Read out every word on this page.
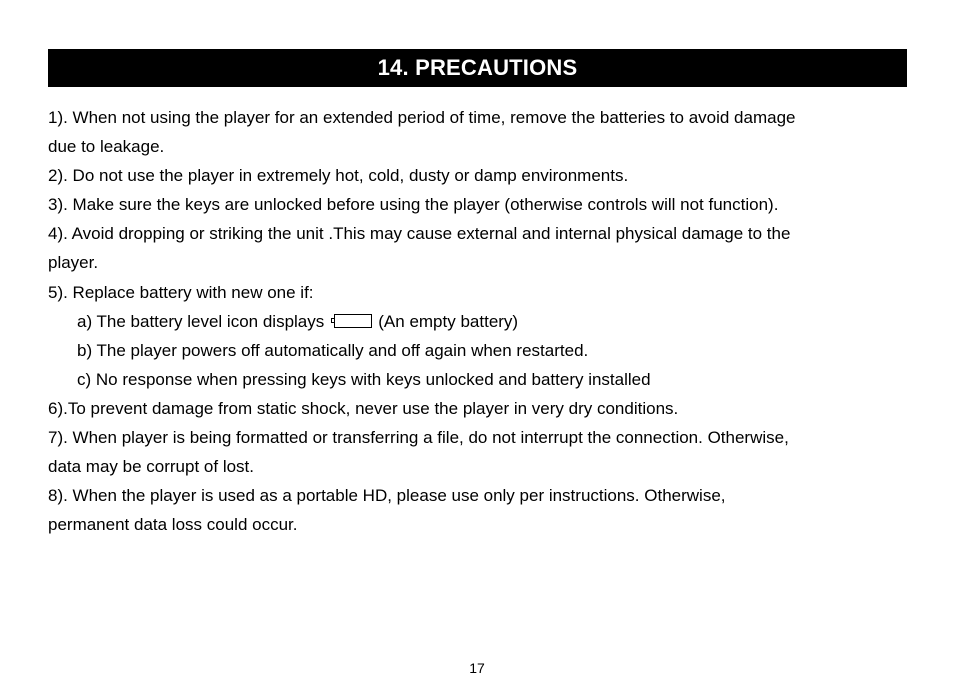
14. PRECAUTIONS
1). When not using the player for an extended period of time, remove the batteries to avoid damage
due to leakage.
2). Do not use the player in extremely hot, cold, dusty or damp environments.
3). Make sure the keys are unlocked before using the player (otherwise controls will not function).
4). Avoid dropping or striking the unit .This may cause external and internal physical damage to the
player.
5). Replace battery with new one if:
a) The battery level icon displays	(An empty battery)
b) The player powers off automatically and off again when restarted.
c) No response when pressing keys with keys unlocked and battery installed
6).To prevent damage from static shock, never use the player in very dry conditions.
7). When player is being formatted or transferring a file, do not interrupt the connection. Otherwise,
data may be corrupt of lost.
8). When the player is used as a portable HD, please use only per instructions. Otherwise,
permanent data loss could occur.
17
